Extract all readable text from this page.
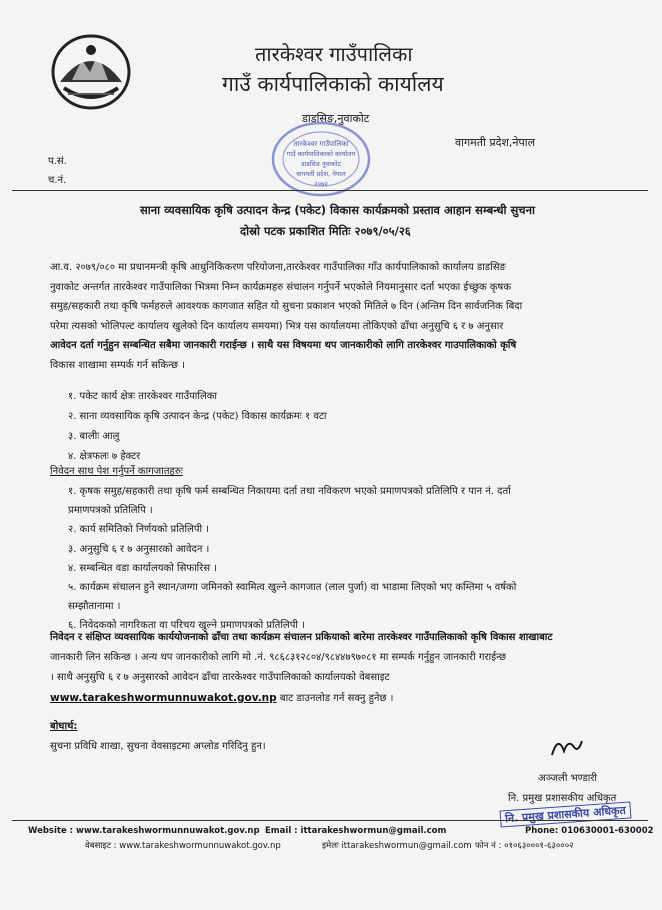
तारकेश्वर गाउँपालिका
गाउँ कार्यपालिकाको कार्यालय
डाडसिङ,नुवाकोट
वागमती प्रदेश,नेपाल
प.सं.
च.नं.
तारकेश्वर गाउँपालिका
गाउँ कार्यपालिकाको कार्यालय
डाडसिङ नुवाकोट
वागमती प्रदेश, नेपाल
२०७२
साना व्यवसायिक कृषि उत्पादन केन्द्र (पकेट) विकास कार्यक्रमको प्रस्ताव आहान सम्बन्धी सुचना
दोस्रो पटक प्रकाशित मितिः २०७९/०५/२६
आ.व. २०७९/०८० मा प्रधानमन्त्री कृषि आधुनिकिकरण परियोजना,तारकेश्वर गाउँपालिका गाँउ कार्यपालिकाको कार्यालय डाडसिङ
नुवाकोट अन्तर्गत तारकेश्वर गाउँपालिका भित्रमा निम्न कार्यक्रमहरु संचालन गर्नुपर्ने भएकोले नियमानुसार दर्ता भएका ईच्छुक कृषक
समुह/सहकारी तथा कृषि फर्महरुले आवश्यक कागजात सहित यो सुचना प्रकाशन भएको मितिले ७ दिन (अन्तिम दिन सार्वजनिक बिदा
परेमा त्यसको भोलिपल्ट कार्यालय खुलेको दिन कार्यालय समयमा) भित्र यस कार्यालयमा तोकिएको ढाँचा अनुसुचि ६ र ७ अनुसार
आवेदन दर्ता गर्नुहुन सम्बन्धित सबैमा जानकारी गराईन्छ । साथै यस विषयमा थप जानकारीको लागि तारकेश्वर गाउपालिकाको कृषि
विकास शाखामा सम्पर्क गर्न सकिन्छ ।
१. पकेट कार्य क्षेत्रः तारकेश्वर गाउँपालिका
२. साना व्यवसायिक कृषि उत्पादन केन्द्र (पकेट) विकास कार्यक्रमः १ वटा
३. बालीः आलु
४. क्षेत्रफलः ७ हेक्टर
निवेदन साथ पेश गर्नुपर्ने कागजातहरुः
१. कृषक समुह/सहकारी तथा कृषि फर्म सम्बन्धित निकायमा दर्ता तथा नविकरण भएको प्रमाणपत्रको प्रतिलिपि र पान नं. दर्ता
प्रमाणपत्रको प्रतिलिपि ।
२. कार्य समितिको निर्णयको प्रतिलिपी ।
३. अनुसुचि ६ र ७ अनुसारको आवेदन ।
४. सम्बन्धित वडा कार्यालयको सिफारिस ।
५. कार्यक्रम संचालन हुने स्थान/जग्गा जमिनको स्वामित्व खुल्ने कागजात (लाल पुर्जा) वा भाडामा लिएको भए कम्तिमा ५ वर्षको
सम्झौतानामा ।
६. निवेदकको नागरिकता वा परिचय खुल्ने प्रमाणपत्रको प्रतिलिपी ।
निवेदन र संक्षिप्त व्यवसायिक कार्ययोजनाको ढाँचा तथा कार्यक्रम संचालन प्रकियाको बारेमा तारकेश्वर गाउँपालिकाको कृषि विकास शाखाबाट
जानकारी लिन सकिन्छ । अन्य थप जानकारीको लागि मो .नं. ९८६८३१२८०४/९८४४७९७०८१ मा सम्पर्क गर्नुहुन जानकारी गराईन्छ
। साथै अनुसुचि ६ र ७ अनुसारको आवेदन ढाँचा तारकेश्वर गाउँपालिकाको कार्यालयको वेबसाइट
www.tarakeshwormunnuwakot.gov.np बाट डाउनलोड गर्न सक्नु हुनेछ ।
बोधार्थ:
सुचना प्रविधि शाखा, सुचना वेवसाइटमा अप्लोड गरिदिनु हुन।
अञ्जली भण्डारी
नि. प्रमुख प्रशासकीय अधिकृत
नि. प्रमुख प्रशासकीय अधिकृत
Website : www.tarakeshwormunnuwakot.gov.np Email : ittarakeshwormun@gmail.com	Phone: 010630001-630002
वेबसाइट : www.tarakeshwormunnuwakot.gov.np	इमेलः ittarakeshwormun@gmail.com फोन नं : ०१०६३०००१-६३०००२
